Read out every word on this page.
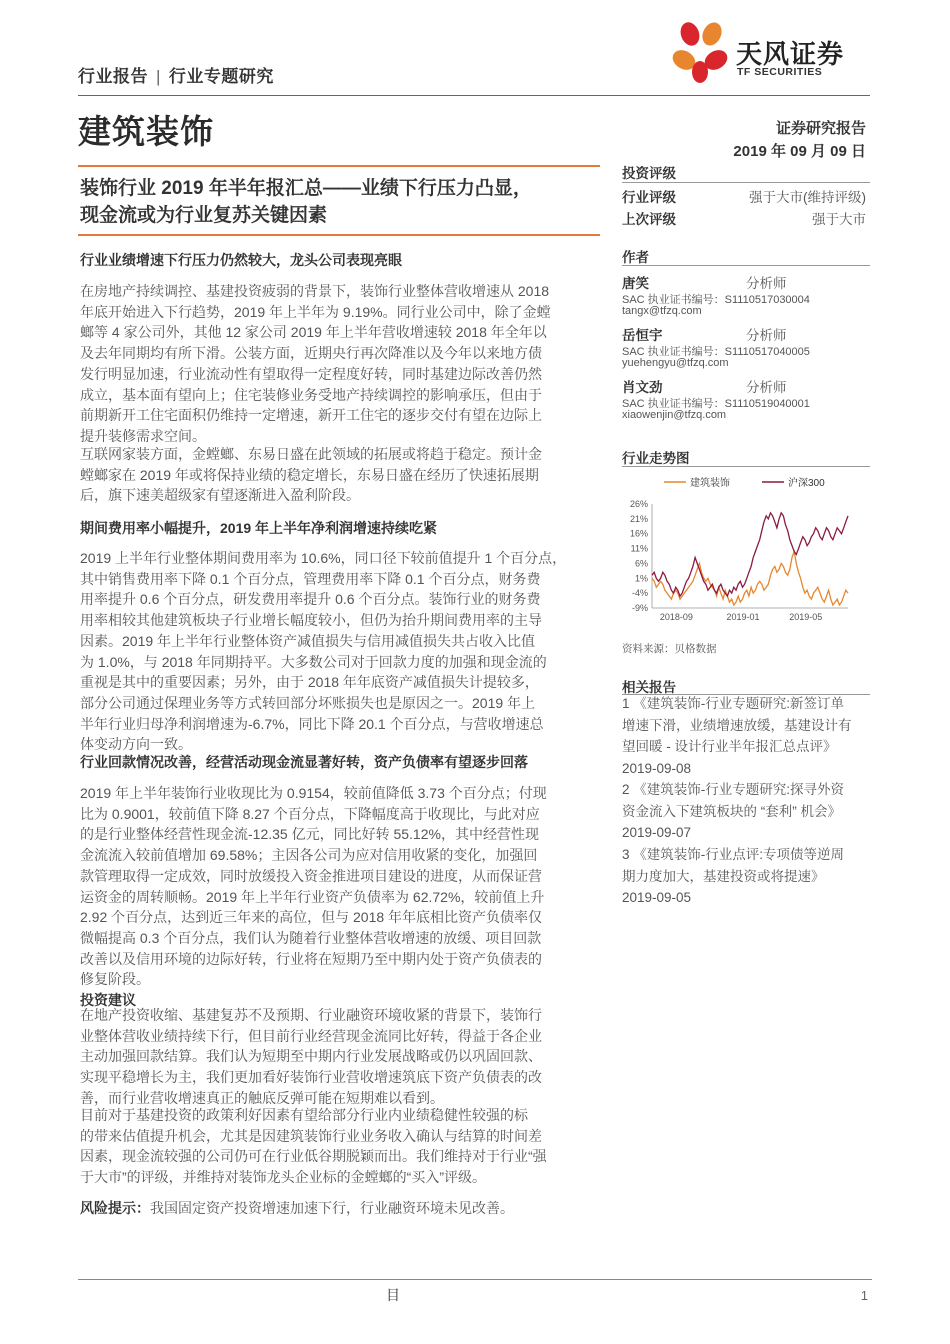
行业报告 | 行业专题研究
天风证券
TF SECURITIES
建筑装饰	证券研究报告
2019 年 09 月 09 日
装饰行业 2019 年半年报汇总——业绩下行压力凸显，
现金流或为行业复苏关键因素
行业业绩增速下行压力仍然较大，龙头公司表现亮眼
在房地产持续调控、基建投资疲弱的背景下，装饰行业整体营收增速从 2018
年底开始进入下行趋势，2019 年上半年为 9.19%。同行业公司中，除了金螳
螂等 4 家公司外，其他 12 家公司 2019 年上半年营收增速较 2018 年全年以
及去年同期均有所下滑。公装方面，近期央行再次降准以及今年以来地方债
发行明显加速，行业流动性有望取得一定程度好转，同时基建边际改善仍然
成立，基本面有望向上；住宅装修业务受地产持续调控的影响承压，但由于
前期新开工住宅面积仍维持一定增速，新开工住宅的逐步交付有望在边际上
提升装修需求空间。
互联网家装方面，金螳螂、东易日盛在此领域的拓展或将趋于稳定。预计金
螳螂家在 2019 年或将保持业绩的稳定增长，东易日盛在经历了快速拓展期
后，旗下速美超级家有望逐渐进入盈利阶段。
期间费用率小幅提升，2019 年上半年净利润增速持续吃紧
2019 上半年行业整体期间费用率为 10.6%，同口径下较前值提升 1 个百分点，
其中销售费用率下降 0.1 个百分点，管理费用率下降 0.1 个百分点，财务费
用率提升 0.6 个百分点，研发费用率提升 0.6 个百分点。装饰行业的财务费
用率相较其他建筑板块子行业增长幅度较小，但仍为抬升期间费用率的主导
因素。2019 年上半年行业整体资产减值损失与信用减值损失共占收入比值
为 1.0%，与 2018 年同期持平。大多数公司对于回款力度的加强和现金流的
重视是其中的重要因素；另外，由于 2018 年年底资产减值损失计提较多，
部分公司通过保理业务等方式转回部分坏账损失也是原因之一。2019 年上
半年行业归母净利润增速为-6.7%，同比下降 20.1 个百分点，与营收增速总
体变动方向一致。
行业回款情况改善，经营活动现金流显著好转，资产负债率有望逐步回落
2019 年上半年装饰行业收现比为 0.9154，较前值降低 3.73 个百分点；付现
比为 0.9001，较前值下降 8.27 个百分点，下降幅度高于收现比，与此对应
的是行业整体经营性现金流-12.35 亿元，同比好转 55.12%，其中经营性现
金流流入较前值增加 69.58%；主因各公司为应对信用收紧的变化，加强回
款管理取得一定成效，同时放缓投入资金推进项目建设的进度，从而保证营
运资金的周转顺畅。2019 年上半年行业资产负债率为 62.72%，较前值上升
2.92 个百分点，达到近三年来的高位，但与 2018 年年底相比资产负债率仅
微幅提高 0.3 个百分点，我们认为随着行业整体营收增速的放缓、项目回款
改善以及信用环境的边际好转，行业将在短期乃至中期内处于资产负债表的
修复阶段。
投资建议
在地产投资收缩、基建复苏不及预期、行业融资环境收紧的背景下，装饰行
业整体营收业绩持续下行，但目前行业经营现金流同比好转，得益于各企业
主动加强回款结算。我们认为短期至中期内行业发展战略或仍以巩固回款、
实现平稳增长为主，我们更加看好装饰行业营收增速筑底下资产负债表的改
善，而行业营收增速真正的触底反弹可能在短期难以看到。
目前对于基建投资的政策利好因素有望给部分行业内业绩稳健性较强的标
的带来估值提升机会，尤其是因建筑装饰行业业务收入确认与结算的时间差
因素，现金流较强的公司仍可在行业低谷期脱颖而出。我们维持对于行业“强
于大市”的评级，并维持对装饰龙头企业标的金螳螂的“买入”评级。
风险提示：我国固定资产投资增速加速下行，行业融资环境未见改善。
投资评级
行业评级	强于大市(维持评级)
上次评级	强于大市
作者
唐笑	分析师
SAC 执业证书编号：S1110517030004
tangx@tfzq.com
岳恒宇	分析师
SAC 执业证书编号：S1110517040005
yuehengyu@tfzq.com
肖文劲	分析师
SAC 执业证书编号：S1110519040001
xiaowenjin@tfzq.com
行业走势图
建筑装饰	沪深300
26%
21%
16%
11%
6%
1%
-4%
-9%
2018-09	2019-01	2019-05
资料来源：贝格数据
相关报告
1 《建筑装饰-行业专题研究:新签订单
增速下滑，业绩增速放缓，基建设计有
望回暖 - 设计行业半年报汇总点评》
2019-09-08
2 《建筑装饰-行业专题研究:探寻外资
资金流入下建筑板块的 “套利” 机会》
2019-09-07
3 《建筑装饰-行业点评:专项债等逆周
期力度加大，基建投资或将提速》
2019-09-05
目	1
